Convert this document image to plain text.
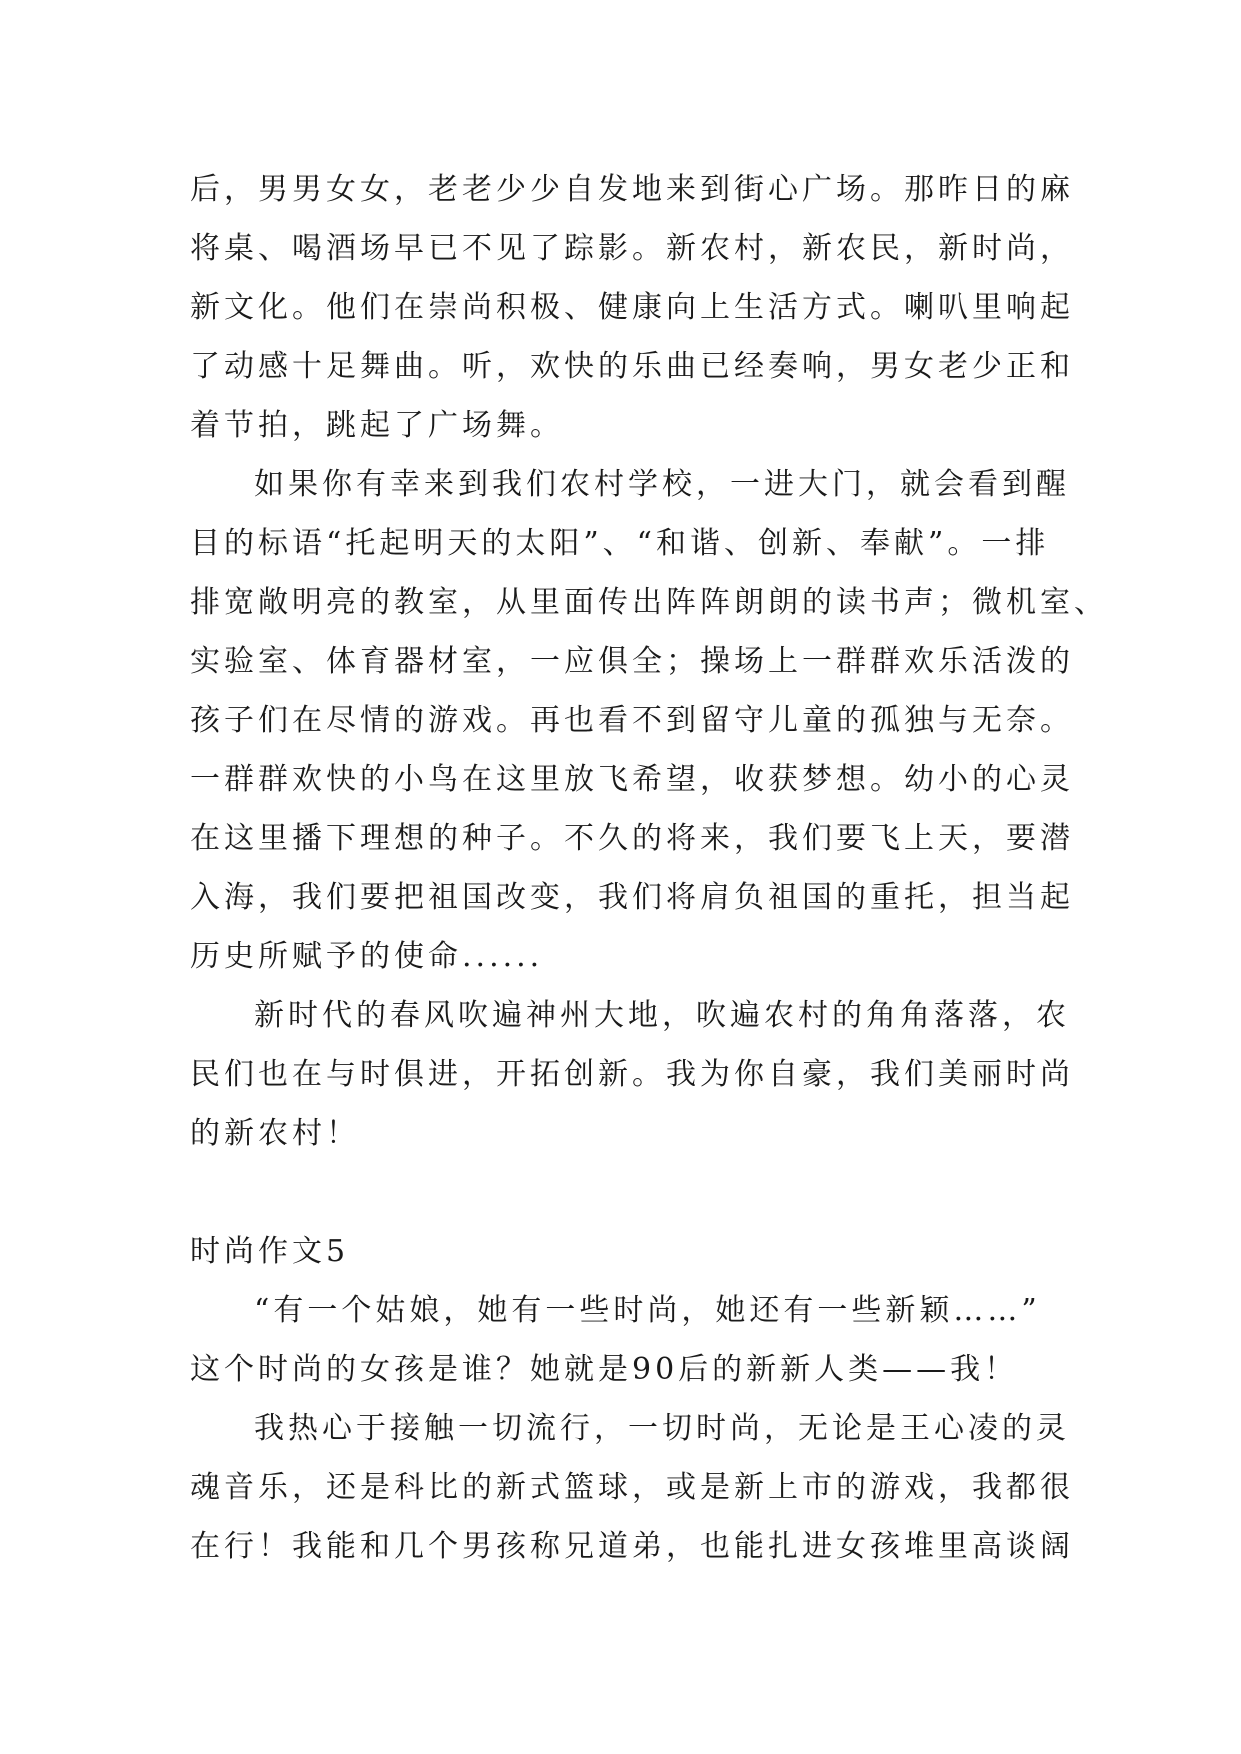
后，男男女女，老老少少自发地来到街心广场。那昨日的麻
将桌、喝酒场早已不见了踪影。新农村，新农民，新时尚，
新文化。他们在崇尚积极、健康向上生活方式。喇叭里响起
了动感十足舞曲。听，欢快的乐曲已经奏响，男女老少正和
着节拍，跳起了广场舞。
如果你有幸来到我们农村学校，一进大门，就会看到醒
目的标语“托起明天的太阳”、“和谐、创新、奉献”。一排
排宽敞明亮的教室，从里面传出阵阵朗朗的读书声；微机室、
实验室、体育器材室，一应俱全；操场上一群群欢乐活泼的
孩子们在尽情的游戏。再也看不到留守儿童的孤独与无奈。
一群群欢快的小鸟在这里放飞希望，收获梦想。幼小的心灵
在这里播下理想的种子。不久的将来，我们要飞上天，要潜
入海，我们要把祖国改变，我们将肩负祖国的重托，担当起
历史所赋予的使命......
新时代的春风吹遍神州大地，吹遍农村的角角落落，农
民们也在与时俱进，开拓创新。我为你自豪，我们美丽时尚
的新农村！
时尚作文5
“有一个姑娘，她有一些时尚，她还有一些新颖……”
这个时尚的女孩是谁？她就是90后的新新人类——我！
我热心于接触一切流行，一切时尚，无论是王心凌的灵
魂音乐，还是科比的新式篮球，或是新上市的游戏，我都很
在行！我能和几个男孩称兄道弟，也能扎进女孩堆里高谈阔
